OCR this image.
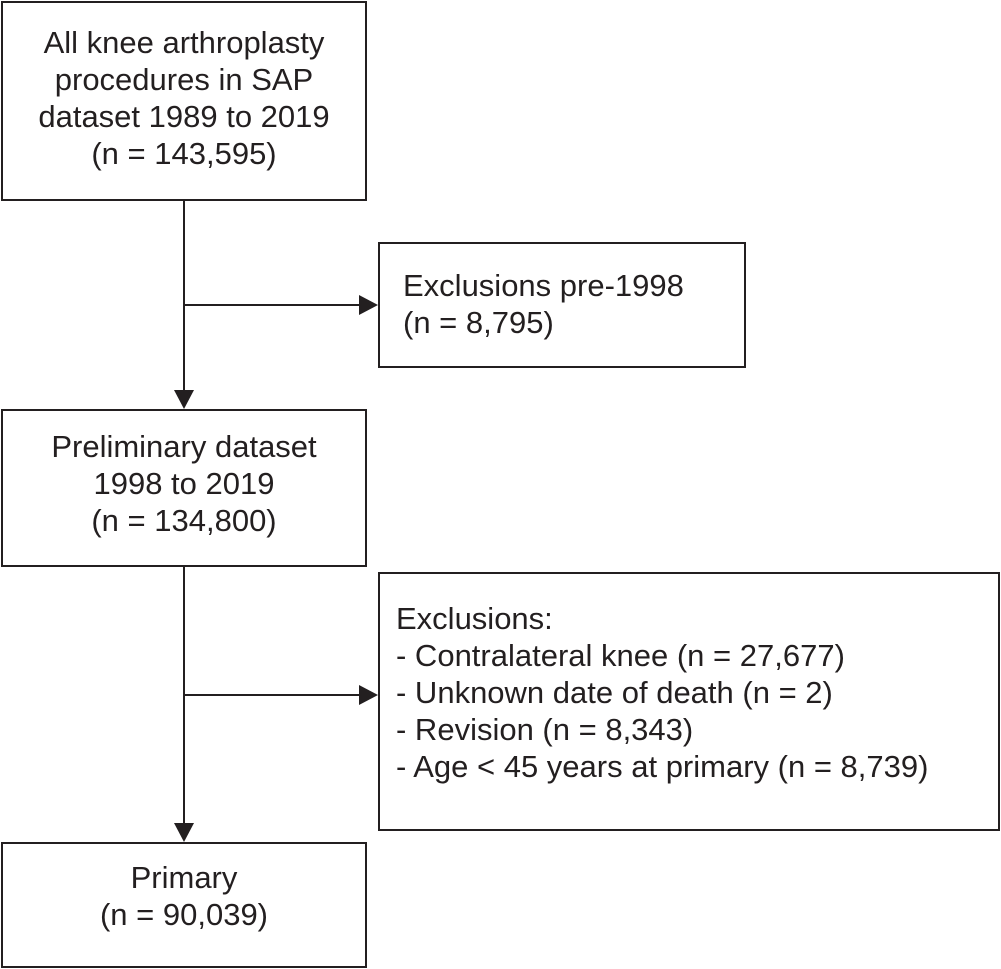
All knee arthroplasty
procedures in SAP
dataset 1989 to 2019
(n = 143,595)
Exclusions pre-1998
(n = 8,795)
Preliminary dataset
1998 to 2019
(n = 134,800)
Exclusions:
- Contralateral knee (n = 27,677)
- Unknown date of death (n = 2)
- Revision (n = 8,343)
- Age < 45 years at primary (n = 8,739)
Primary
(n = 90,039)
